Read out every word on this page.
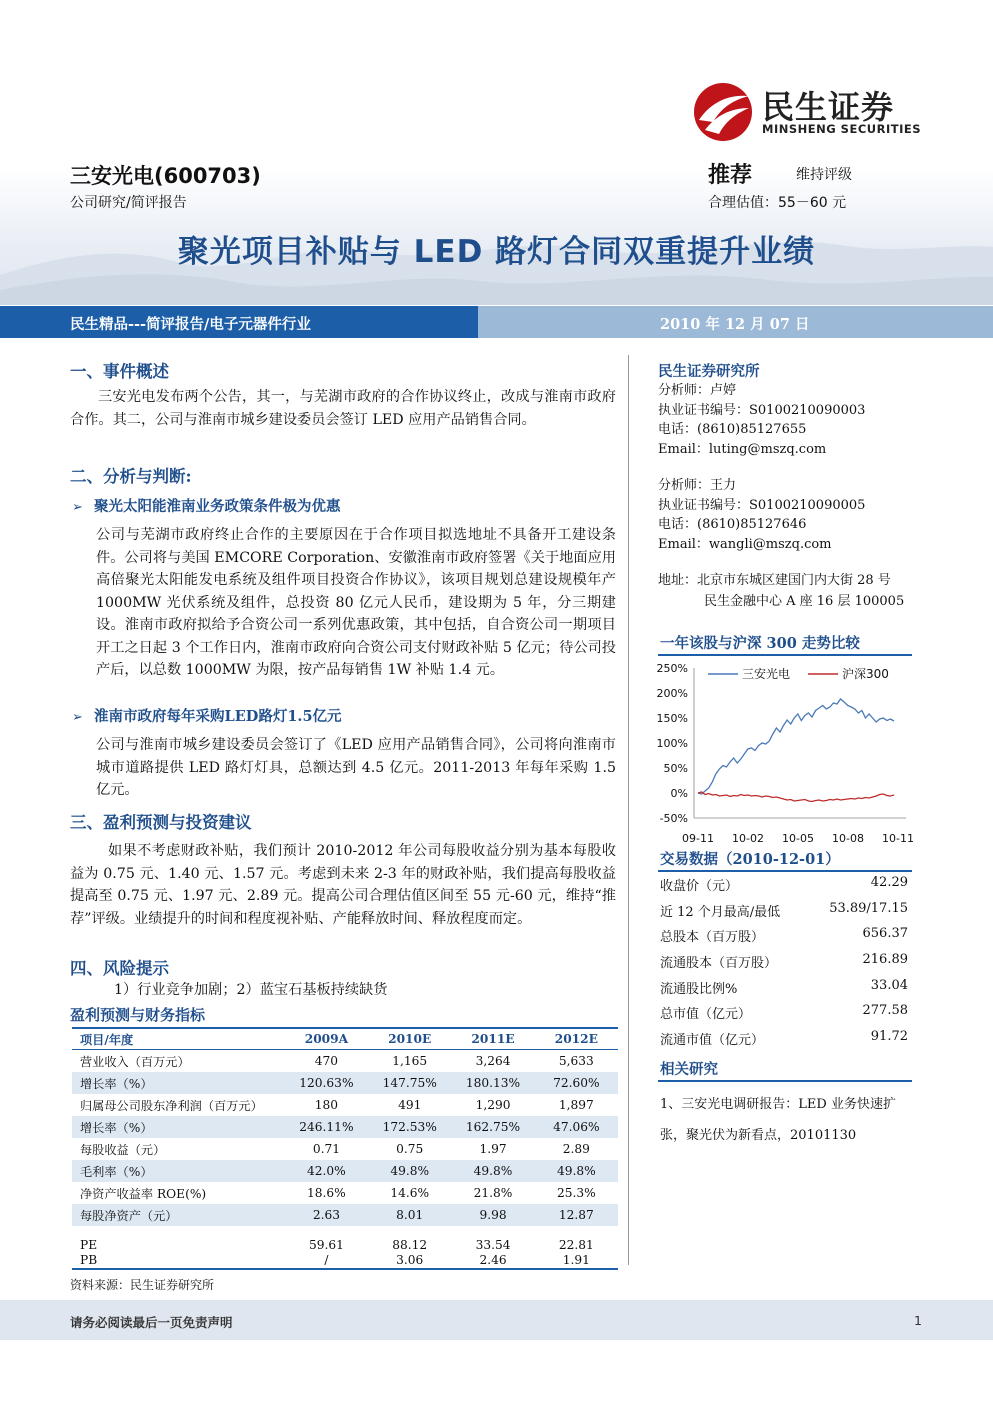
民生证券
MINSHENG SECURITIES
三安光电(600703)
公司研究/简评报告
推荐	维持评级
合理估值：55－60 元
聚光项目补贴与 LED 路灯合同双重提升业绩
民生精品---简评报告/电子元器件行业	2010 年 12 月 07 日
一、事件概述
三安光电发布两个公告，其一，与芜湖市政府的合作协议终止，改成与淮南市政府合作。其二，公司与淮南市城乡建设委员会签订 LED 应用产品销售合同。
二、分析与判断:
➢ 聚光太阳能淮南业务政策条件极为优惠
公司与芜湖市政府终止合作的主要原因在于合作项目拟选地址不具备开工建设条件。公司将与美国 EMCORE Corporation、安徽淮南市政府签署《关于地面应用高倍聚光太阳能发电系统及组件项目投资合作协议》，该项目规划总建设规模年产 1000MW 光伏系统及组件，总投资 80 亿元人民币，建设期为 5 年，分三期建设。淮南市政府拟给予合资公司一系列优惠政策，其中包括，自合资公司一期项目开工之日起 3 个工作日内，淮南市政府向合资公司支付财政补贴 5 亿元；待公司投产后，以总数 1000MW 为限，按产品每销售 1W 补贴 1.4 元。
➢ 淮南市政府每年采购LED路灯1.5亿元
公司与淮南市城乡建设委员会签订了《LED 应用产品销售合同》，公司将向淮南市城市道路提供 LED 路灯灯具，总额达到 4.5 亿元。2011-2013 年每年采购 1.5 亿元。
三、盈利预测与投资建议
如果不考虑财政补贴，我们预计 2010-2012 年公司每股收益分别为基本每股收益为 0.75 元、1.40 元、1.57 元。考虑到未来 2-3 年的财政补贴，我们提高每股收益提高至 0.75 元、1.97 元、2.89 元。提高公司合理估值区间至 55 元-60 元，维持“推荐”评级。业绩提升的时间和程度视补贴、产能释放时间、释放程度而定。
四、风险提示
1）行业竞争加剧；2）蓝宝石基板持续缺货
盈利预测与财务指标
项目/年度	2009A	2010E	2011E	2012E
营业收入（百万元）	470	1,165	3,264	5,633
增长率（%）	120.63%	147.75%	180.13%	72.60%
归属母公司股东净利润（百万元）	180	491	1,290	1,897
增长率（%）	246.11%	172.53%	162.75%	47.06%
每股收益（元）	0.71	0.75	1.97	2.89
毛利率（%）	42.0%	49.8%	49.8%	49.8%
净资产收益率 ROE(%)	18.6%	14.6%	21.8%	25.3%
每股净资产（元）	2.63	8.01	9.98	12.87
PE	59.61	88.12	33.54	22.81
PB	/	3.06	2.46	1.91
资料来源：民生证券研究所
民生证券研究所
分析师：卢婷
执业证书编号：S0100210090003
电话：(8610)85127655
Email：luting@mszq.com
分析师：王力
执业证书编号：S0100210090005
电话：(8610)85127646
Email：wangli@mszq.com
地址：北京市东城区建国门内大街 28 号
民生金融中心 A 座 16 层 100005
一年该股与沪深 300 走势比较
250%
200%
150%
100%
50%
0%
-50%
09-11 10-02 10-05 10-08 10-11
三安光电	沪深300
交易数据（2010-12-01）
收盘价（元）	42.29
近 12 个月最高/最低	53.89/17.15
总股本（百万股）	656.37
流通股本（百万股）	216.89
流通股比例%	33.04
总市值（亿元）	277.58
流通市值（亿元）	91.72
相关研究
1、三安光电调研报告：LED 业务快速扩张，聚光伏为新看点，20101130
请务必阅读最后一页免责声明	1
